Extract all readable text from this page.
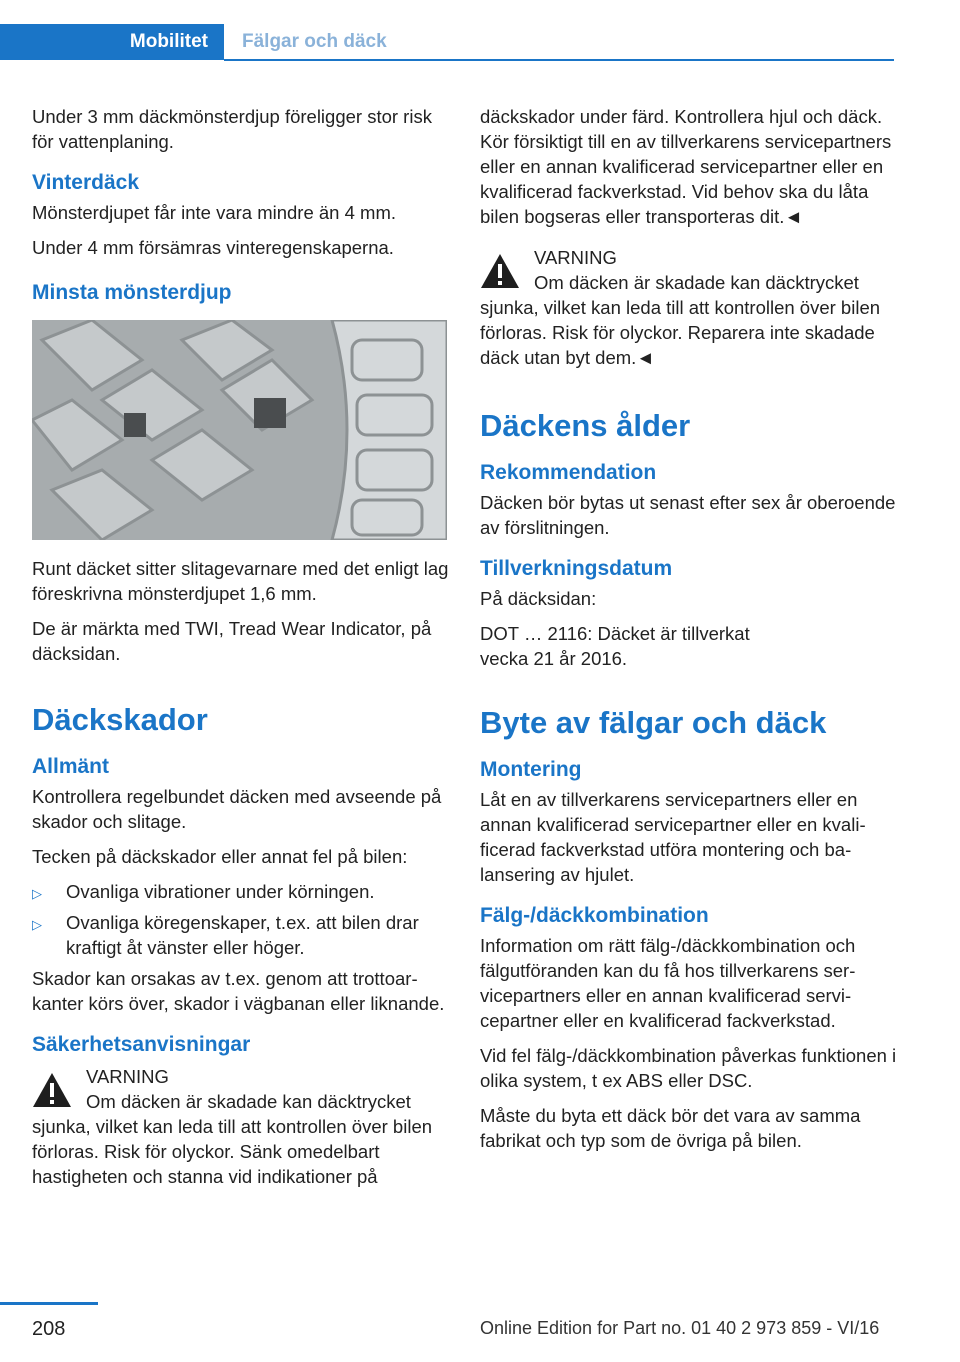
Mobilitet Fälgar och däck

Under 3 mm däckmönsterdjup föreligger stor risk för vattenplaning.

Vinterdäck

Mönsterdjupet får inte vara mindre än 4 mm.

Under 4 mm försämras vinteregenskaperna.

Minsta mönsterdjup

Runt däcket sitter slitagevarnare med det enligt lag föreskrivna mönsterdjupet 1,6 mm.

De är märkta med TWI, Tread Wear Indicator, på däcksidan.

Däckskador
Allmänt

Kontrollera regelbundet däcken med avseende på skador och slitage.

Tecken på däckskador eller annat fel på bilen:

▷ Ovanliga vibrationer under körningen.
▷ Ovanliga köregenskaper, t.ex. att bilen drar kraftigt åt vänster eller höger.

Skador kan orsakas av t.ex. genom att trottoarkanter körs över, skador i vägbanan eller liknande.

Säkerhetsanvisningar
VARNING
Om däcken är skadade kan däcktrycket
sjunka, vilket kan leda till att kontrollen över bilen förloras. Risk för olyckor. Sänk omedelbart hastigheten och stanna vid indikationer på

däckskador under färd. Kontrollera hjul och däck. Kör försiktigt till en av tillverkarens servicepartners eller en annan kvalificerad servicepartner eller en kvalificerad fackverkstad. Vid behov ska du låta bilen bogseras eller transporteras dit.◄

VARNING
Om däcken är skadade kan däcktrycket
sjunka, vilket kan leda till att kontrollen över bilen förloras. Risk för olyckor. Reparera inte skadade däck utan byt dem.◄
Däckens ålder
Rekommendation

Däcken bör bytas ut senast efter sex år oberoende av förslitningen.

Tillverkningsdatum

På däcksidan:

DOT … 2116: Däcket är tillverkat
vecka 21 år 2016.

Byte av fälgar och däck
Montering

Låt en av tillverkarens servicepartners eller en annan kvalificerad servicepartner eller en kvalificerad fackverkstad utföra montering och balansering av hjulet.

Fälg-/däckkombination

Information om rätt fälg-/däckkombination och fälgutföranden kan du få hos tillverkarens servicepartners eller en annan kvalificerad servicepartner eller en kvalificerad fackverkstad.

Vid fel fälg-/däckkombination påverkas funktionen i olika system, t ex ABS eller DSC.

Måste du byta ett däck bör det vara av samma fabrikat och typ som de övriga på bilen.

208	Online Edition for Part no. 01 40 2 973 859 - VI/16
